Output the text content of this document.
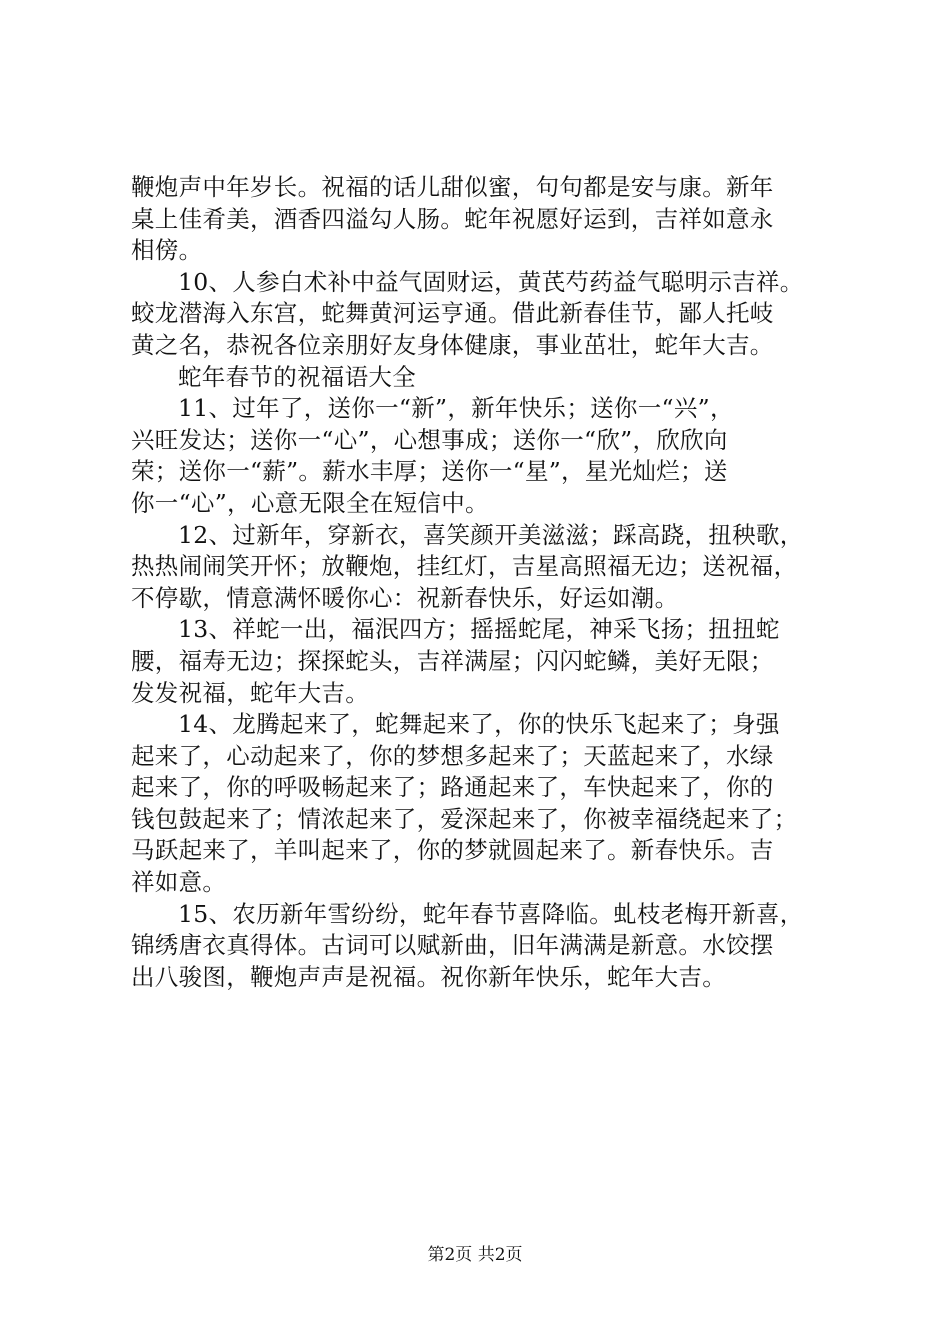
鞭炮声中年岁长。祝福的话儿甜似蜜，句句都是安与康。新年
桌上佳肴美，酒香四溢勾人肠。蛇年祝愿好运到，吉祥如意永
相傍。
10、人参白术补中益气固财运，黄芪芍药益气聪明示吉祥。
蛟龙潜海入东宫，蛇舞黄河运亨通。借此新春佳节，鄙人托岐
黄之名，恭祝各位亲朋好友身体健康，事业茁壮，蛇年大吉。
蛇年春节的祝福语大全
11、过年了，送你一“新”，新年快乐；送你一“兴”，
兴旺发达；送你一“心”，心想事成；送你一“欣”，欣欣向
荣；送你一“薪”。薪水丰厚；送你一“星”，星光灿烂；送
你一“心”，心意无限全在短信中。
12、过新年，穿新衣，喜笑颜开美滋滋；踩高跷，扭秧歌，
热热闹闹笑开怀；放鞭炮，挂红灯，吉星高照福无边；送祝福，
不停歇，情意满怀暖你心：祝新春快乐，好运如潮。
13、祥蛇一出，福泯四方；摇摇蛇尾，神采飞扬；扭扭蛇
腰，福寿无边；探探蛇头，吉祥满屋；闪闪蛇鳞，美好无限；
发发祝福，蛇年大吉。
14、龙腾起来了，蛇舞起来了，你的快乐飞起来了；身强
起来了，心动起来了，你的梦想多起来了；天蓝起来了，水绿
起来了，你的呼吸畅起来了；路通起来了，车快起来了，你的
钱包鼓起来了；情浓起来了，爱深起来了，你被幸福绕起来了；
马跃起来了，羊叫起来了，你的梦就圆起来了。新春快乐。吉
祥如意。
15、农历新年雪纷纷，蛇年春节喜降临。虬枝老梅开新喜，
锦绣唐衣真得体。古词可以赋新曲，旧年满满是新意。水饺摆
出八骏图，鞭炮声声是祝福。祝你新年快乐，蛇年大吉。
第2页 共2页
